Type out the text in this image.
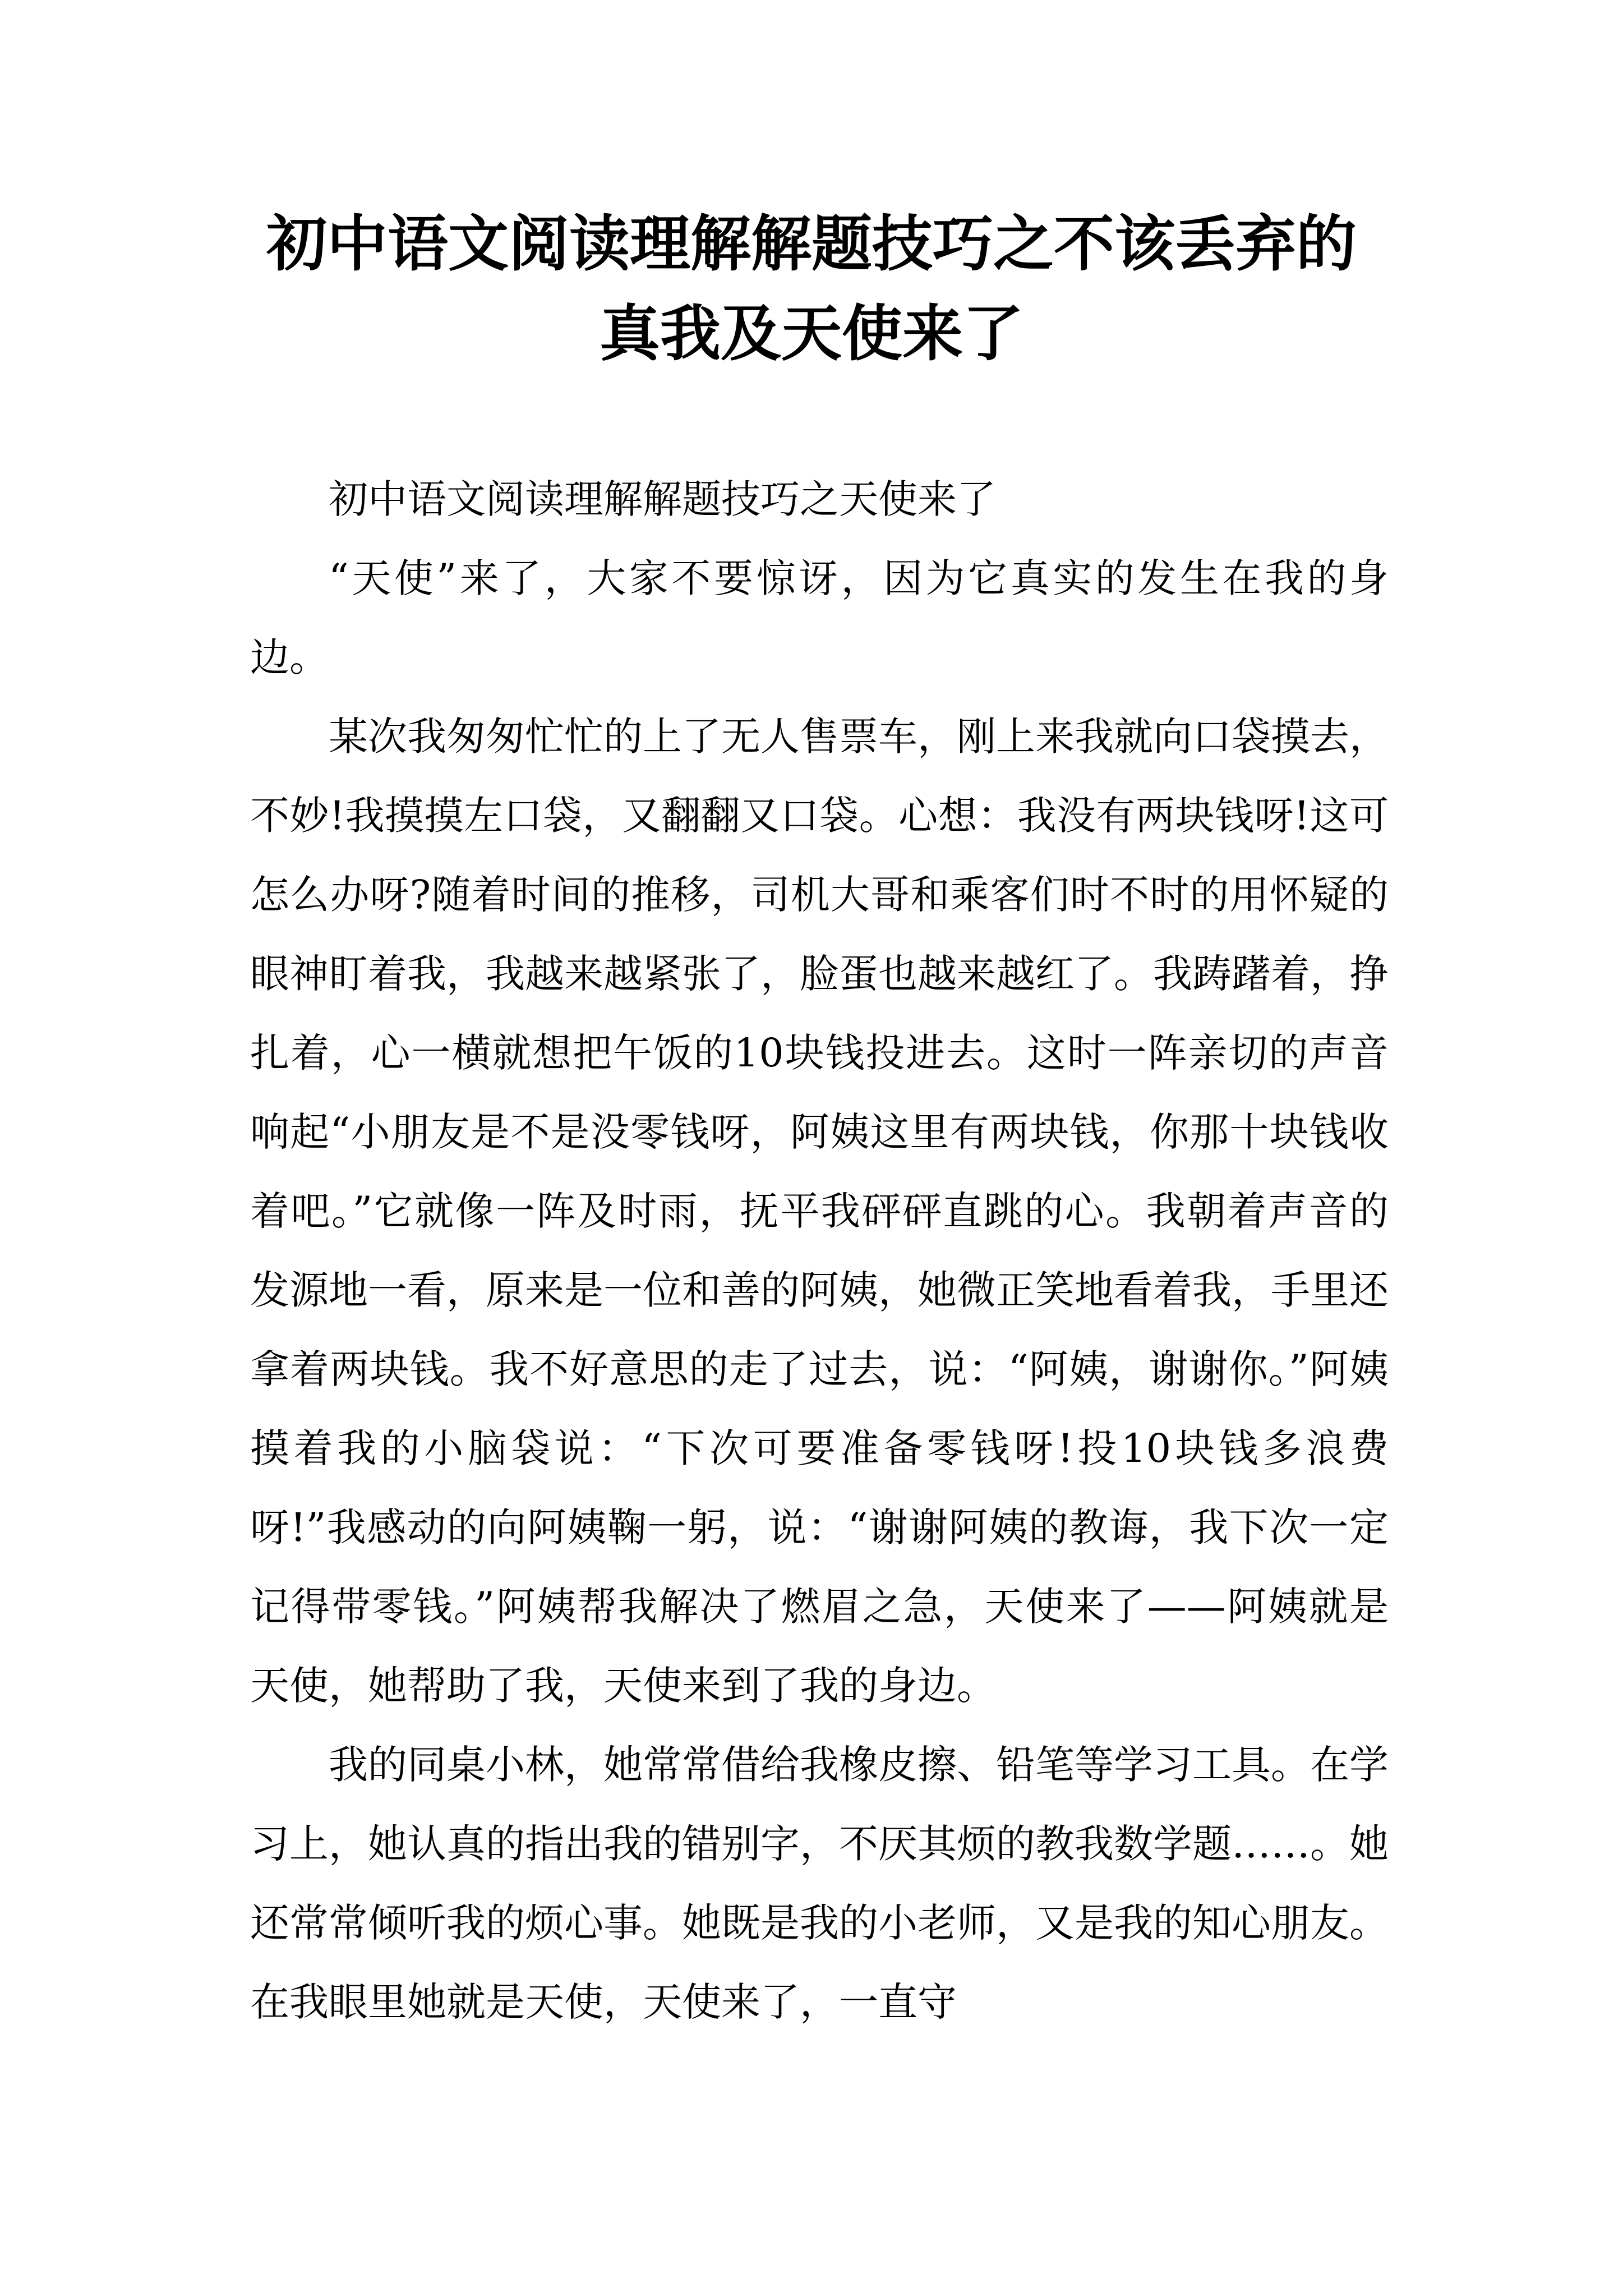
初中语文阅读理解解题技巧之不该丢弃的
真我及天使来了

初中语文阅读理解解题技巧之天使来了

“天使”来了，大家不要惊讶，因为它真实的发生在我的身边。

某次我匆匆忙忙的上了无人售票车，刚上来我就向口袋摸去，不妙!我摸摸左口袋，又翻翻又口袋。心想：我没有两块钱呀!这可怎么办呀?随着时间的推移，司机大哥和乘客们时不时的用怀疑的眼神盯着我，我越来越紧张了，脸蛋也越来越红了。我踌躇着，挣扎着，心一横就想把午饭的10块钱投进去。这时一阵亲切的声音响起“小朋友是不是没零钱呀，阿姨这里有两块钱，你那十块钱收着吧。”它就像一阵及时雨，抚平我砰砰直跳的心。我朝着声音的发源地一看，原来是一位和善的阿姨，她微正笑地看着我，手里还拿着两块钱。我不好意思的走了过去，说：“阿姨，谢谢你。”阿姨摸着我的小脑袋说：“下次可要准备零钱呀!投10块钱多浪费呀!”我感动的向阿姨鞠一躬，说：“谢谢阿姨的教诲，我下次一定记得带零钱。”阿姨帮我解决了燃眉之急，天使来了——阿姨就是天使，她帮助了我，天使来到了我的身边。

我的同桌小林，她常常借给我橡皮擦、铅笔等学习工具。在学习上，她认真的指出我的错别字，不厌其烦的教我数学题……。她还常常倾听我的烦心事。她既是我的小老师，又是我的知心朋友。在我眼里她就是天使，天使来了，一直守
